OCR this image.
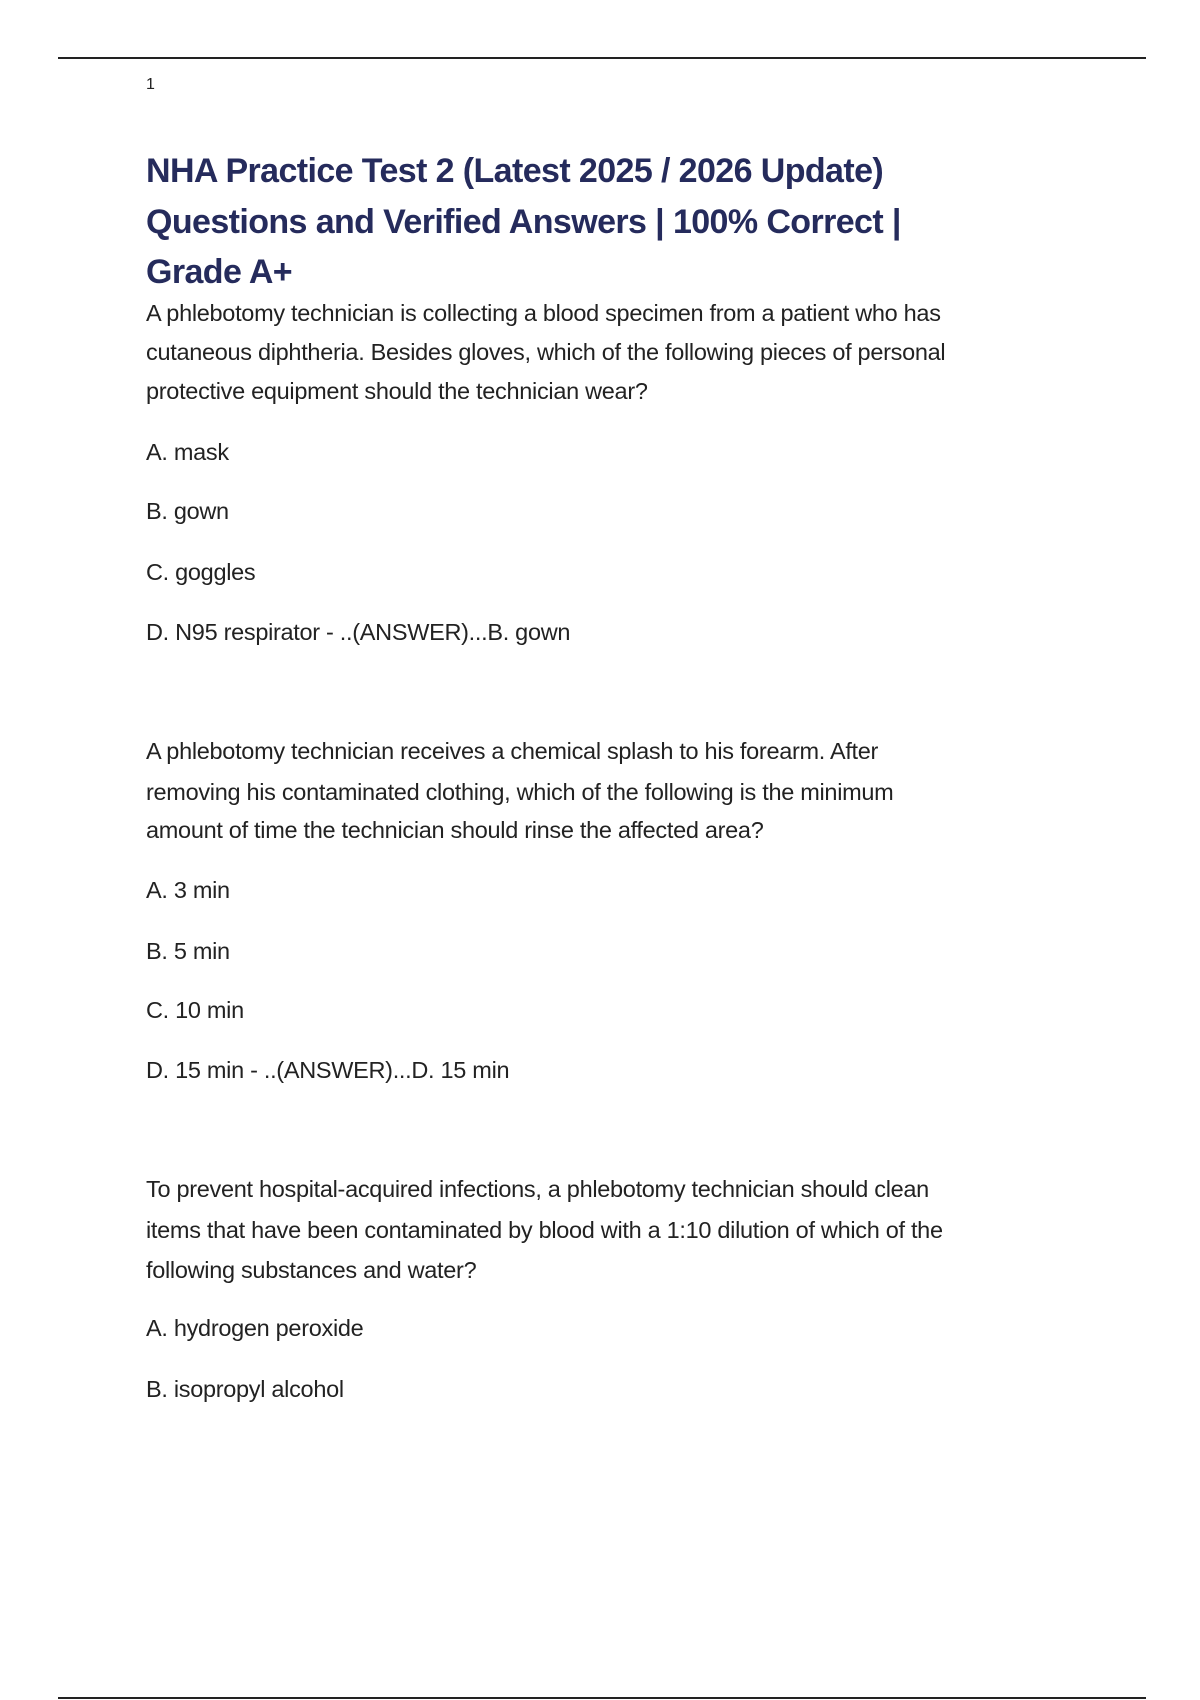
1
NHA Practice Test 2 (Latest 2025 / 2026 Update)
Questions and Verified Answers | 100% Correct |
Grade A+
A phlebotomy technician is collecting a blood specimen from a patient who has
cutaneous diphtheria. Besides gloves, which of the following pieces of personal
protective equipment should the technician wear?
A. mask
B. gown
C. goggles
D. N95 respirator - ..(ANSWER)...B. gown
A phlebotomy technician receives a chemical splash to his forearm. After
removing his contaminated clothing, which of the following is the minimum
amount of time the technician should rinse the affected area?
A. 3 min
B. 5 min
C. 10 min
D. 15 min - ..(ANSWER)...D. 15 min
To prevent hospital-acquired infections, a phlebotomy technician should clean
items that have been contaminated by blood with a 1:10 dilution of which of the
following substances and water?
A. hydrogen peroxide
B. isopropyl alcohol
